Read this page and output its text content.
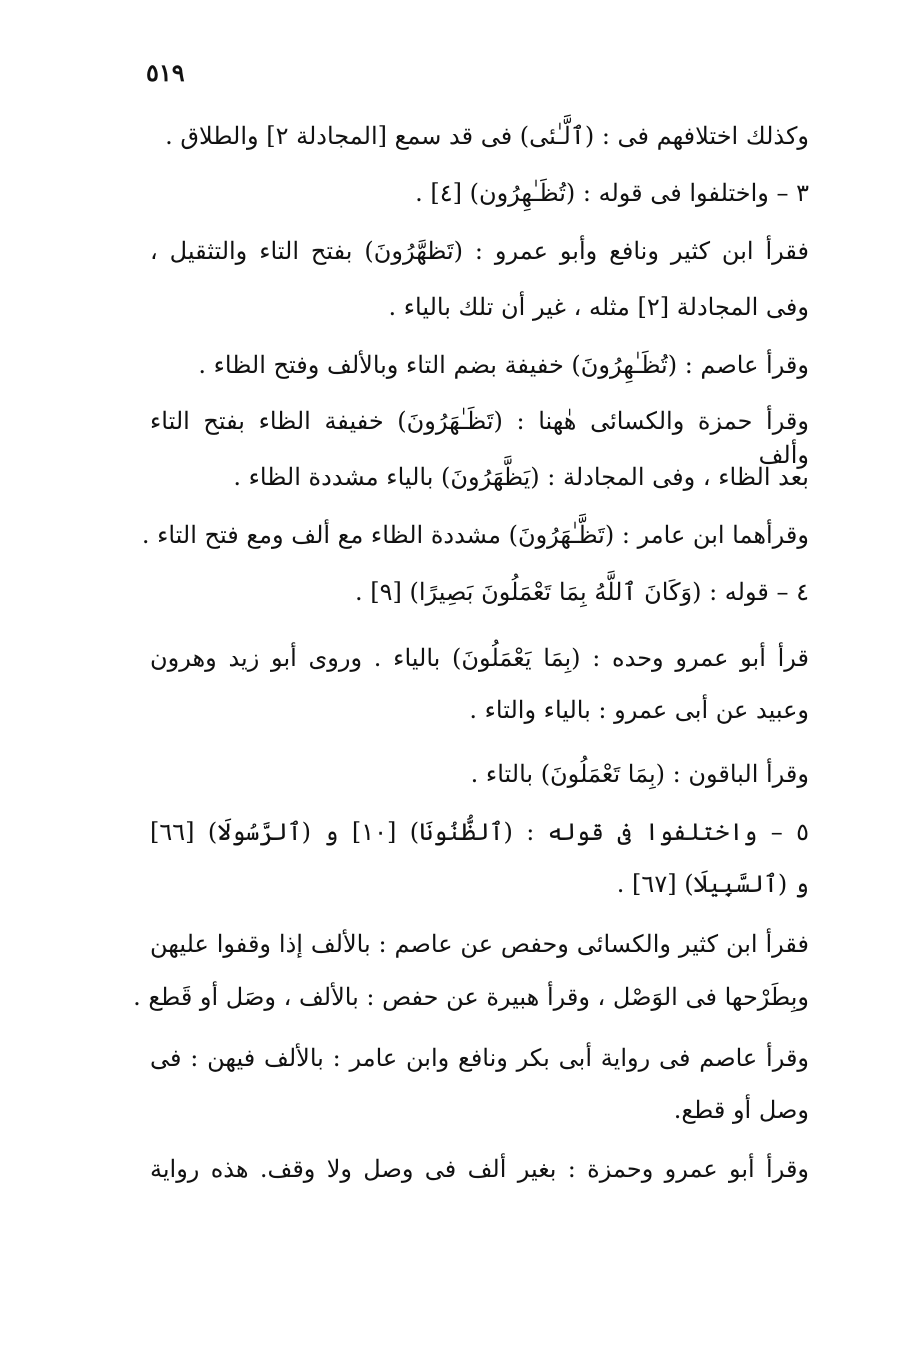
٥١٩
وكذلك اختلافهم فى : (ٱلَّـٰئى) فى قد سمع [المجادلة ٢] والطلاق .
٣ – واختلفوا فى قوله : (تُظَـٰهِرُون) [٤] .
فقرأ ابن كثير ونافع وأبو عمرو : (تَظهَّرُونَ) بفتح التاء والتثقيل ،
وفى المجادلة [٢] مثله ، غير أن تلك بالياء .
وقرأ عاصم : (تُظَـٰهِرُونَ) خفيفة بضم التاء وبالألف وفتح الظاء .
وقرأ حمزة والكسائى هٰهنا : (تَظَـٰهَرُونَ) خفيفة الظاء بفتح التاء وألف
بعد الظاء ، وفى المجادلة : (يَظَّهَرُونَ) بالياء مشددة الظاء .
وقرأهما ابن عامر : (تَظَّـٰهَرُونَ) مشددة الظاء مع ألف ومع فتح التاء .
٤ – قوله : (وَكَانَ ٱللَّهُ بِمَا تَعْمَلُونَ بَصِيرًا) [٩] .
قرأ أبو عمرو وحده : (بِمَا يَعْمَلُونَ) بالياء . وروى أبو زيد وهرون
وعبيد عن أبى عمرو : بالياء والتاء .
وقرأ الباقون : (بِمَا تَعْمَلُونَ) بالتاء .
٥ – واختلفوا فى قوله : (ٱلظُّنُونَا) [١٠] و (ٱلرَّسُولَا) [٦٦]
و (ٱلسَّبِيلَا) [٦٧] .
فقرأ ابن كثير والكسائى وحفص عن عاصم : بالألف إذا وقفوا عليهن
وبِطَرْحها فى الوَصْل ، وقرأ هبيرة عن حفص : بالألف ، وصَل أو قَطع .
وقرأ عاصم فى رواية أبى بكر ونافع وابن عامر : بالألف فيهن : فى
وصل أو قطع.
وقرأ أبو عمرو وحمزة : بغير ألف فى وصل ولا وقف. هذه رواية
